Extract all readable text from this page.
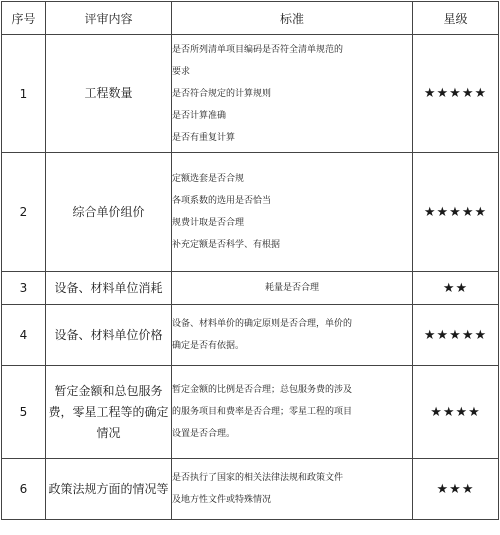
序号	评审内容	标准	星级
1	工程数量	是否所列清单项目编码是否符全清单规范的
要求
是否符合规定的计算规则
是否计算准确
是否有重复计算	★★★★★
2	综合单价组价	定额选套是否合规
各项系数的选用是否恰当
规费计取是否合理
补充定额是否科学、有根据	★★★★★
3	设备、材料单位消耗	耗量是否合理	★★
4	设备、材料单位价格	设备、材料单价的确定原则是否合理，单价的
确定是否有依据。	★★★★★
5	暂定金额和总包服务费，零星工程等的确定情况	暂定金额的比例是否合理；总包服务费的涉及
的服务项目和费率是否合理；零星工程的项目
设置是否合理。	★★★★
6	政策法规方面的情况等	是否执行了国家的相关法律法规和政策文件
及地方性文件或特殊情况	★★★
